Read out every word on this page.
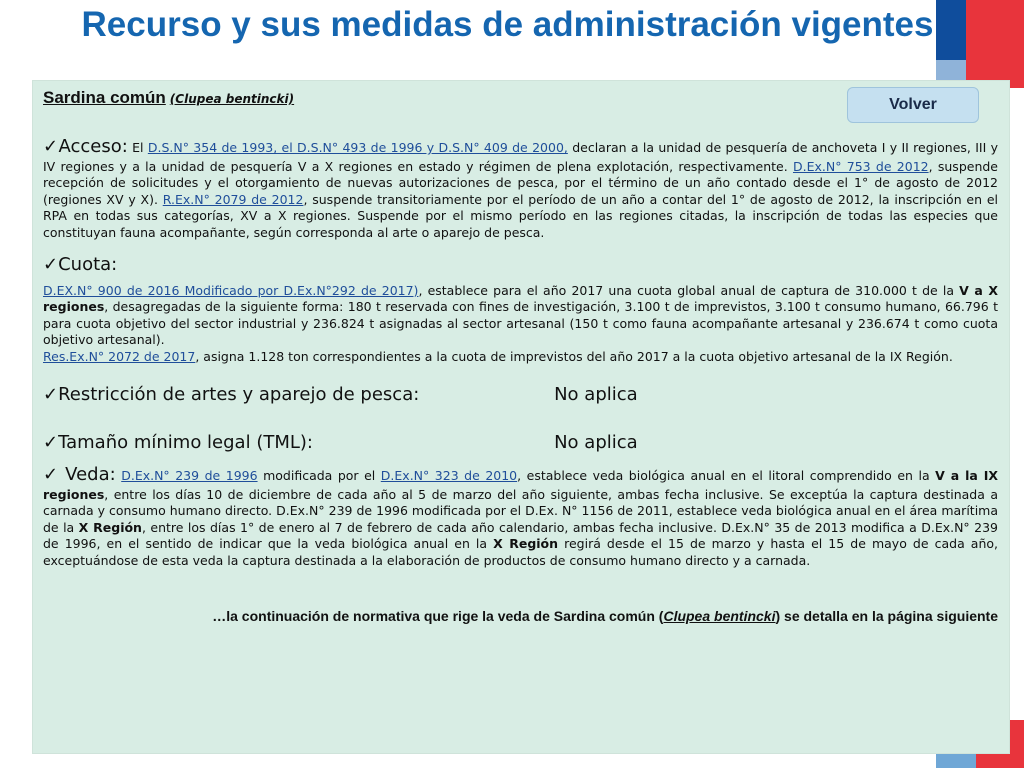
Recurso y sus medidas de administración vigentes

Sardina común (Clupea bentincki)

✓Acceso: El D.S.N° 354 de 1993, el D.S.N° 493 de 1996 y D.S.N° 409 de 2000, declaran a la unidad de pesquería de anchoveta I y II regiones, III y IV regiones y a la unidad de pesquería V a X regiones en estado y régimen de plena explotación, respectivamente. D.Ex.N° 753 de 2012, suspende recepción de solicitudes y el otorgamiento de nuevas autorizaciones de pesca, por el término de un año contado desde el 1° de agosto de 2012 (regiones XV y X). R.Ex.N° 2079 de 2012, suspende transitoriamente por el período de un año a contar del 1° de agosto de 2012, la inscripción en el RPA en todas sus categorías, XV a X regiones. Suspende por el mismo período en las regiones citadas, la inscripción de todas las especies que constituyan fauna acompañante, según corresponda al arte o aparejo de pesca.

✓Cuota:

D.EX.N° 900 de 2016 Modificado por D.Ex.N°292 de 2017), establece para el año 2017 una cuota global anual de captura de 310.000 t de la V a X regiones, desagregadas de la siguiente forma: 180 t reservada con fines de investigación, 3.100 t de imprevistos, 3.100 t consumo humano, 66.796 t para cuota objetivo del sector industrial y 236.824 t asignadas al sector artesanal (150 t como fauna acompañante artesanal y 236.674 t como cuota objetivo artesanal).
Res.Ex.N° 2072 de 2017, asigna 1.128 ton correspondientes a la cuota de imprevistos del año 2017 a la cuota objetivo artesanal de la IX Región.

✓Restricción de artes y aparejo de pesca:	No aplica

✓Tamaño mínimo legal (TML):	No aplica

✓ Veda: D.Ex.N° 239 de 1996 modificada por el D.Ex.N° 323 de 2010, establece veda biológica anual en el litoral comprendido en la V a la IX regiones, entre los días 10 de diciembre de cada año al 5 de marzo del año siguiente, ambas fecha inclusive. Se exceptúa la captura destinada a carnada y consumo humano directo. D.Ex.N° 239 de 1996 modificada por el D.Ex. N° 1156 de 2011, establece veda biológica anual en el área marítima de la X Región, entre los días 1° de enero al 7 de febrero de cada año calendario, ambas fecha inclusive. D.Ex.N° 35 de 2013 modifica a D.Ex.N° 239 de 1996, en el sentido de indicar que la veda biológica anual en la X Región regirá desde el 15 de marzo y hasta el 15 de mayo de cada año, exceptuándose de esta veda la captura destinada a la elaboración de productos de consumo humano directo y a carnada.

…la continuación de normativa que rige la veda de Sardina común (Clupea bentincki) se detalla en la página siguiente

Volver
